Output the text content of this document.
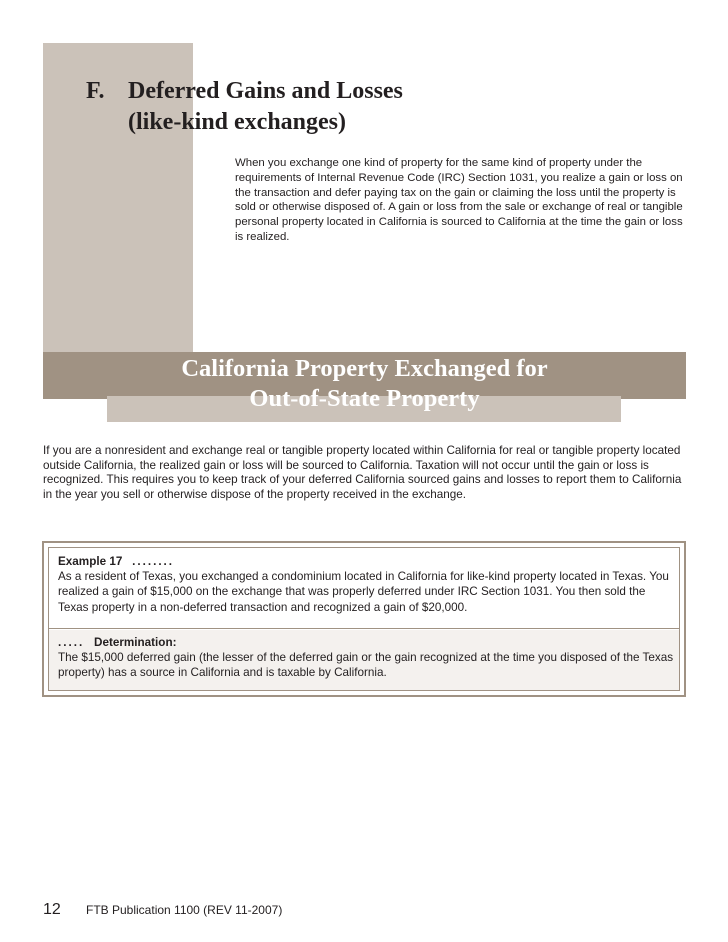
F. Deferred Gains and Losses
(like-kind exchanges)

When you exchange one kind of property for the same kind of property under the requirements of Internal Revenue Code (IRC) Section 1031, you realize a gain or loss on the transaction and defer paying tax on the gain or claiming the loss until the property is sold or otherwise disposed of. A gain or loss from the sale or exchange of real or tangible personal property located in California is sourced to California at the time the gain or loss is realized.

California Property Exchanged for
Out-of-State Property

If you are a nonresident and exchange real or tangible property located within California for real or tangible property located outside California, the realized gain or loss will be sourced to California. Taxation will not occur until the gain or loss is recognized. This requires you to keep track of your deferred California sourced gains and losses to report them to California in the year you sell or otherwise dispose of the property received in the exchange.

Example 17 ........

As a resident of Texas, you exchanged a condominium located in California for like-kind property located in Texas. You realized a gain of $15,000 on the exchange that was properly deferred under IRC Section 1031. You then sold the Texas property in a non-deferred transaction and recognized a gain of $20,000.

..... Determination:

The $15,000 deferred gain (the lesser of the deferred gain or the gain recognized at the time you disposed of the Texas property) has a source in California and is taxable by California.

12 FTB Publication 1100 (REV 11-2007)
